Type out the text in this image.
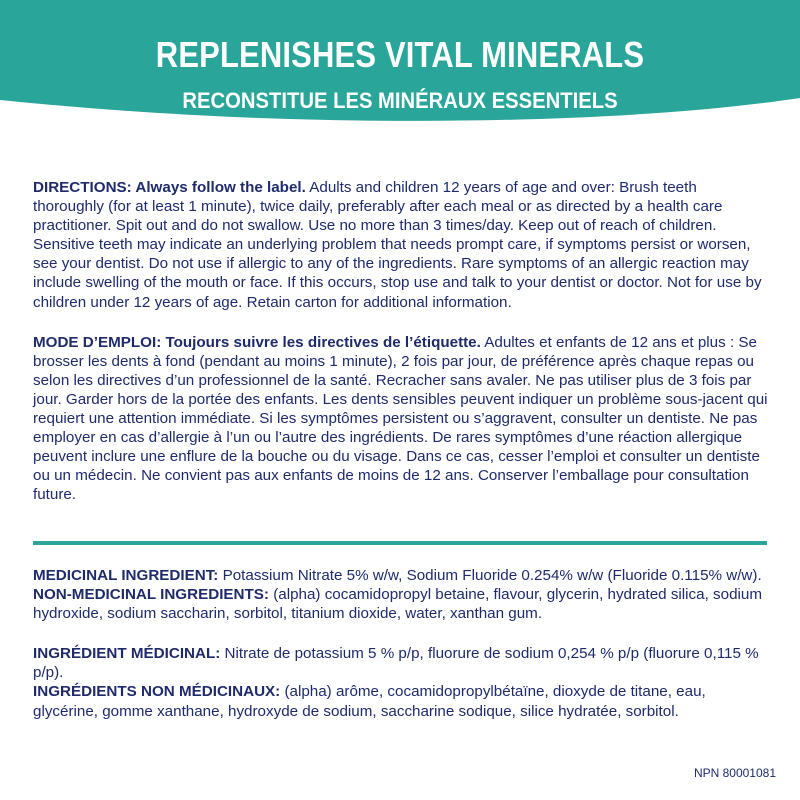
REPLENISHES VITAL MINERALS
RECONSTITUE LES MINÉRAUX ESSENTIELS

DIRECTIONS: Always follow the label. Adults and children 12 years of age and over: Brush teeth thoroughly (for at least 1 minute), twice daily, preferably after each meal or as directed by a health care practitioner. Spit out and do not swallow. Use no more than 3 times/day. Keep out of reach of children. Sensitive teeth may indicate an underlying problem that needs prompt care, if symptoms persist or worsen, see your dentist. Do not use if allergic to any of the ingredients. Rare symptoms of an allergic reaction may include swelling of the mouth or face. If this occurs, stop use and talk to your dentist or doctor. Not for use by children under 12 years of age. Retain carton for additional information.

MODE D’EMPLOI: Toujours suivre les directives de l’étiquette. Adultes et enfants de 12 ans et plus : Se brosser les dents à fond (pendant au moins 1 minute), 2 fois par jour, de préférence après chaque repas ou selon les directives d’un professionnel de la santé. Recracher sans avaler. Ne pas utiliser plus de 3 fois par jour. Garder hors de la portée des enfants. Les dents sensibles peuvent indiquer un problème sous-jacent qui requiert une attention immédiate. Si les symptômes persistent ou s’aggravent, consulter un dentiste. Ne pas employer en cas d’allergie à l’un ou l’autre des ingrédients. De rares symptômes d’une réaction allergique peuvent inclure une enflure de la bouche ou du visage. Dans ce cas, cesser l’emploi et consulter un dentiste ou un médecin. Ne convient pas aux enfants de moins de 12 ans. Conserver l’emballage pour consultation future.

MEDICINAL INGREDIENT: Potassium Nitrate 5% w/w, Sodium Fluoride 0.254% w/w (Fluoride 0.115% w/w).

NON-MEDICINAL INGREDIENTS: (alpha) cocamidopropyl betaine, flavour, glycerin, hydrated silica, sodium hydroxide, sodium saccharin, sorbitol, titanium dioxide, water, xanthan gum.

INGRÉDIENT MÉDICINAL: Nitrate de potassium 5 % p/p, fluorure de sodium 0,254 % p/p (fluorure 0,115 % p/p).

INGRÉDIENTS NON MÉDICINAUX: (alpha) arôme, cocamidopropylbétaïne, dioxyde de titane, eau, glycérine, gomme xanthane, hydroxyde de sodium, saccharine sodique, silice hydratée, sorbitol.

NPN 80001081
